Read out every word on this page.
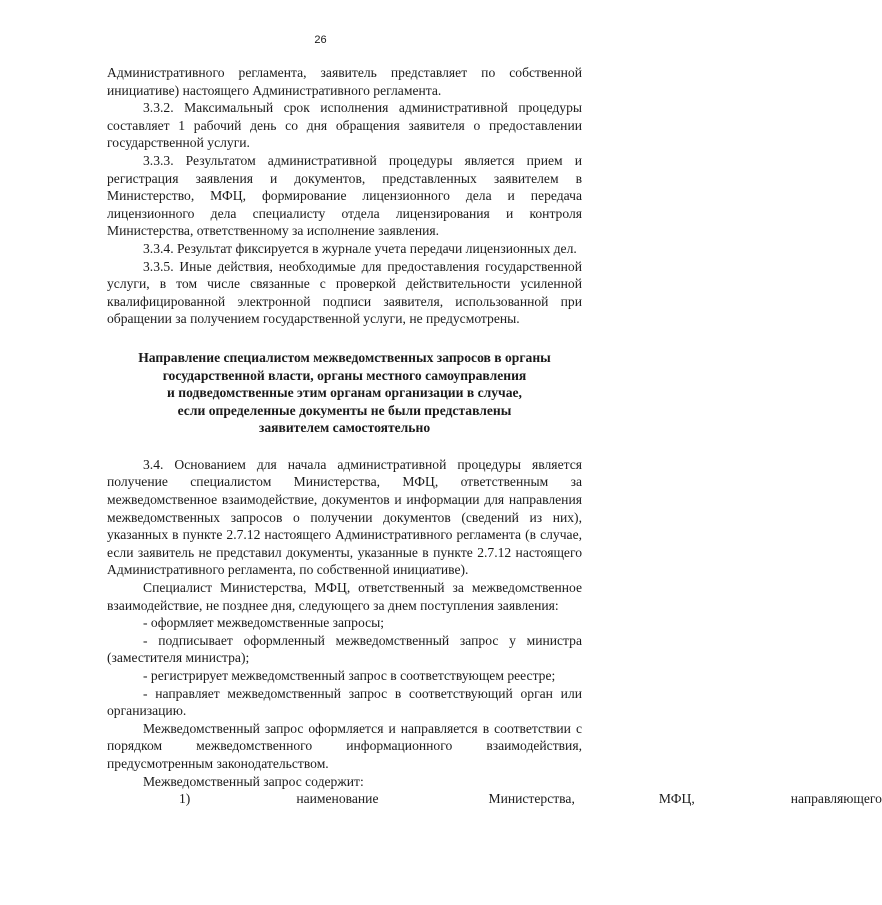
26

Административного регламента, заявитель представляет по собственной инициативе) настоящего Административного регламента.

3.3.2. Максимальный срок исполнения административной процедуры составляет 1 рабочий день со дня обращения заявителя о предоставлении государственной услуги.

3.3.3. Результатом административной процедуры является прием и регистрация заявления и документов, представленных заявителем в Министерство, МФЦ, формирование лицензионного дела и передача лицензионного дела специалисту отдела лицензирования и контроля Министерства, ответственному за исполнение заявления.

3.3.4. Результат фиксируется в журнале учета передачи лицензионных дел.

3.3.5. Иные действия, необходимые для предоставления государственной услуги, в том числе связанные с проверкой действительности усиленной квалифицированной электронной подписи заявителя, использованной при обращении за получением государственной услуги, не предусмотрены.

Направление специалистом межведомственных запросов в органы
государственной власти, органы местного самоуправления
и подведомственные этим органам организации в случае,
если определенные документы не были представлены
заявителем самостоятельно

3.4. Основанием для начала административной процедуры является получение специалистом Министерства, МФЦ, ответственным за межведомственное взаимодействие, документов и информации для направления межведомственных запросов о получении документов (сведений из них), указанных в пункте 2.7.12 настоящего Административного регламента (в случае, если заявитель не представил документы, указанные в пункте 2.7.12 настоящего Административного регламента, по собственной инициативе).

Специалист Министерства, МФЦ, ответственный за межведомственное взаимодействие, не позднее дня, следующего за днем поступления заявления:

- оформляет межведомственные запросы;

- подписывает оформленный межведомственный запрос у министра (заместителя министра);

- регистрирует межведомственный запрос в соответствующем реестре;

- направляет межведомственный запрос в соответствующий орган или организацию.

Межведомственный запрос оформляется и направляется в соответствии с порядком межведомственного информационного взаимодействия, предусмотренным законодательством.

Межведомственный запрос содержит:

1)	наименование	Министерства,	МФЦ,	направляющего
